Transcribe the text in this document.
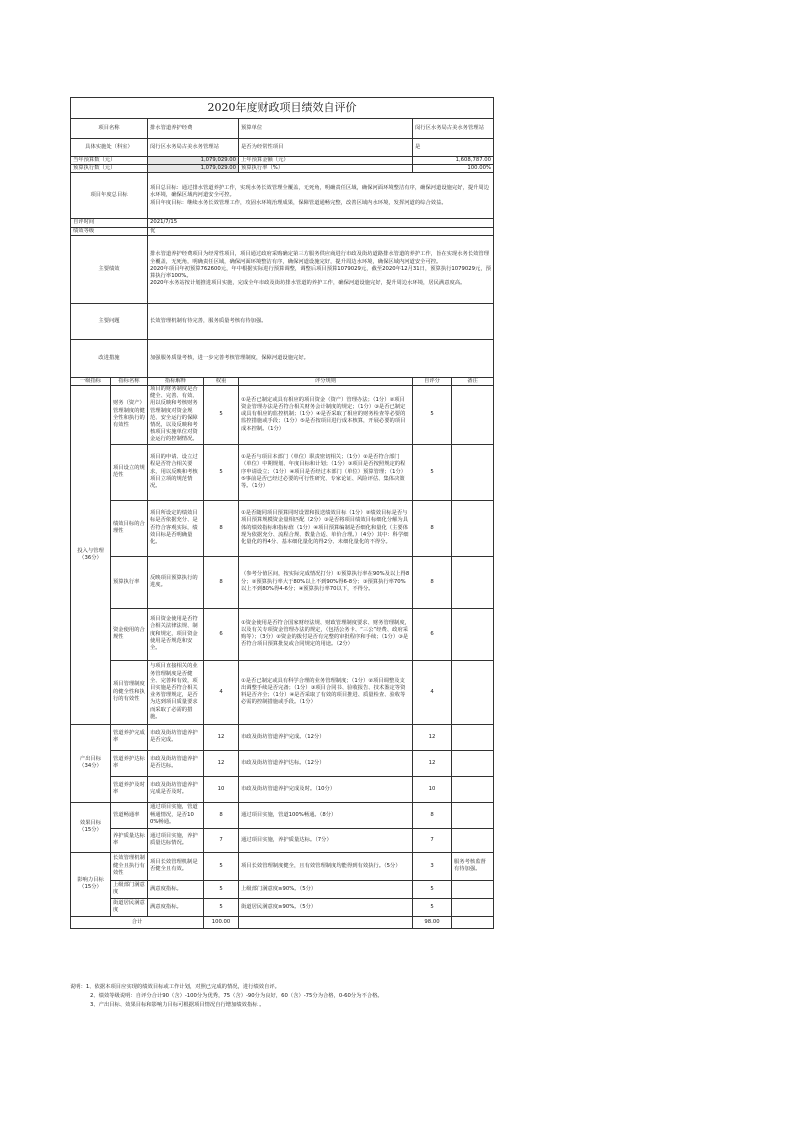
2020年度财政项目绩效自评价						
项目名称		排水管道养护经费		预算单位	闵行区水务局古美水务管理站	
具体实施处（科室）		闵行区水务局古美水务管理站		是否为经常性项目	是	
当年预算数（元）		1,079,029.00		上年预算金额（元）	1,608,787.00	
预算执行数（元）		1,079,029.00		预算执行率（%）	100.00%	
项目年度总目标		项目总目标：通过排水管道养护工作，实现水务长效管理全覆盖，无死角，明确责任区域，确保河面环境整洁有序，确保河道设施完好，提升周边水环境，确保区域内河道安全可控。
项目年度目标：继续水务长效管理工作，攻固水环境治理成果，保障管道通畅完整，改善区域内水环境，发挥河道的综合效益。				

自评时间		2021/7/15				
绩效等级		优				
主要绩效		排水管道养护经费项目为经常性项目，项目通过政府采购确定第三方服务供应商进行市政及街坊道路排水管道的养护工作，旨在实现水务长效管理全覆盖，无死角，明确责任区域，确保河面环境整洁有序，确保河道设施完好，提升周边水环境，确保区域内河道安全可控。
2020年项目年初预算762600元，年中根据实际进行预算调整，调整后项目预算1079029元，截至2020年12月31日，预算执行1079029元，预算执行率100%。
2020年水务站按计划推进项目实施，完成全年市政及街坊排水管道的养护工作，确保河道设施完好，提升周边水环境，居民满意度高。				

主要问题		长效管理机制有待完善，服务质量考核有待加强。				
改进措施		加强服务质量考核，进一步完善考核管理制度，保障河道设施完好。				
一级指标	指标名称	指标解释	权重	评分规则	自评分	备注
投入与管理
（36分）	财务（资产）管理制度的健全性和执行的有效性	项目的财务制度是否健全、完善、有效、用以反映和考核财务管理制度对资金规范、安全运行的保障情况，以及反映和考核项目实施单位对资金运行的控制情况。	5	①是否已制定或具有相应的项目资金（资产）管理办法；（1分）②项目资金管理办法是否符合相关财务会计制度的规定；（1分）③是否已制定或具有相应的监控机制；（1分）④是否采取了相应的财务检查等必要的监控措施或手段；（1分）⑤是否按项目进行成本核算，开展必要的项目成本控制。（1分）	5	
	项目设立的规范性	项目的申请、设立过程是否符合相关要求，用以反映和考核项目立项的规范情况。	5	①是否与项目本部门（单位）职责密切相关；（1分）②是否符合部门（单位）中期规划、年度目标和计划；（1分）③项目是否按照规定的程序申请设立；（1分）④项目是否经过本部门（单位）预算管理；（1分）⑤事前是否已经过必要的可行性研究、专家论证、风险评估、集体决策等。（1分）	5	
	绩效目标的合理性	项目所设定的绩效目标是否依据充分、是否符合客观实际，绩效目标是否明确量化。	8	①是否随同项目预算同时设置和报送绩效目标（1分）②绩效目标是否与项目预算规模资金量相匹配（2分）③是否将项目绩效目标细化分解为具体的绩效指标和指标值（1分）④项目预算编制是否细化和量化（主要体现为依据充分、流程合规、数量合适、单价合理。）（4分）其中：科学细化量化的得4分、基本细化量化的得2分、未细化量化的不得分。	8	
	预算执行率	反映项目预算执行的进度。	8	（参考分值区间，按实际完成情况打分）①预算执行率在90%及以上得8分；②预算执行率大于80%以上不到90%得6-8分；③预算执行率70%以上不到80%得4-6分；④预算执行率70以下，不得分。	8	
	资金使用的合规性	项目资金使用是否符合相关法律法规、制度和规定，项目资金使用是否规范和安全。	6	①资金使用是否符合国家财经法规、财政管理制度要求、财务管理制度，以及有关专项资金管理办法的规定，（包括公务卡、“三公”经费、政府采购等）；（3分）②资金的拨付是否有完整的审批程序和手续；（1分）③是否符合项目预算批复或合同规定的用途。（2分）	6	
	项目管理制度的健全性和执行的有效性	与项目直接相关的业务管理制度是否健全、完善和有效，项目实施是否符合相关业务管理规定，是否为达到项目质量要求而采取了必需的措施。	4	①是否已制定或具有科学合理的业务管理制度；（1分）②项目调整及支出调整手续是否完备；（1分）③项目合同书、验收报告、技术鉴定等资料是否齐全；（1分）④是否采取了有效的项目推进、质量检查、验收等必需的控制措施或手段。（1分）	4	
产出目标
（34分）	管道养护完成率	市政及街坊管道养护是否完成。	12	市政及街坊管道养护完成。（12分）	12	
	管道养护达标率	市政及街坊管道养护是否达标。	12	市政及街坊管道养护达标。（12分）	12	
	管道养护及时率	市政及街坊管道养护完成是否及时。	10	市政及街坊管道养护完成及时。（10分）	10	
效果目标
（15分）	管道畅通率	通过项目实施，管道畅通情况，是否100%畅通。	8	通过项目实施，管道100%畅通。（8分）	8	
	养护质量达标率	通过项目实施，养护质量达标情况。	7	通过项目实施，养护质量达标。（7分）	7	
影响力目标
（15分）	长效管理机制健全且执行有效性	项目长效管理机制是否健全且有效。	5	项目长效管理制度健全，且有效管理制度均能得到有效执行。（5分）	3	服务考核监督有待加强。
	上级部门满意度	满意度指标。	5	上级部门满意度≥90%。（5分）	5	
	街道居民满意度	满意度指标。	5	街道居民满意度≥90%。（5分）	5	
合计			100.00		98.00	
说明：1、依据本项目应实现的绩效目标或工作计划，对照已完成的情况，进行绩效自评。
2、绩效等级说明：自评分合计90（含）-100分为优秀，75（含）-90分为良好，60（含）-75分为合格，0-60分为不合格。
3、产出目标、效果目标和影响力目标可根据项目情况自行增加绩效指标 。
